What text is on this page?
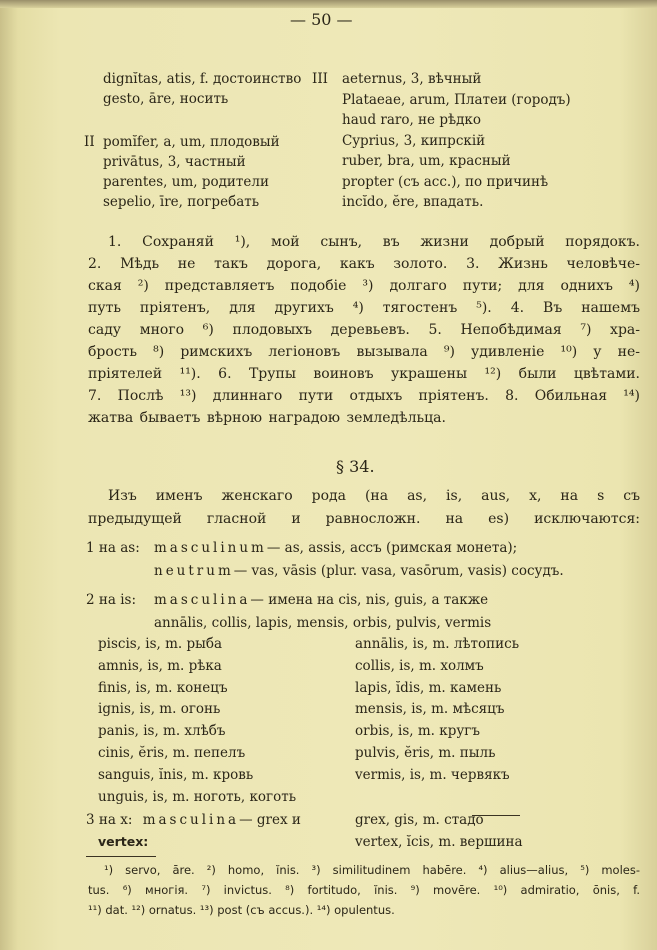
— 50 —
dignĭtas, atis, f. достоинство
gesto, āre, носить
II pomĭfer, a, um, плодовый
privātus, 3, частный
parentes, um, родители
sepelio, īre, погребать
III aeternus, 3, вѣчный
Plataeae, arum, Платеи (городъ)
haud raro, не рѣдко
Cyprius, 3, кипрскій
ruber, bra, um, красный
propter (съ acc.), по причинѣ
incĭdo, ĕre, впадать.
1. Сохраняй ¹), мой сынъ, въ жизни добрый порядокъ.
2. Мѣдь не такъ дорога, какъ золото. 3. Жизнь человѣче-
ская ²) представляетъ подобіе ³) долгаго пути; для однихъ ⁴)
путь пріятенъ, для другихъ ⁴) тягостенъ ⁵). 4. Въ нашемъ
саду много ⁶) плодовыхъ деревьевъ. 5. Непобѣдимая ⁷) хра-
брость ⁸) римскихъ легіоновъ вызывала ⁹) удивленіе ¹⁰) у не-
пріятелей ¹¹). 6. Трупы воиновъ украшены ¹²) были цвѣтами.
7. Послѣ ¹³) длиннаго пути отдыхъ пріятенъ. 8. Обильная ¹⁴)
жатва бываетъ вѣрною наградою земледѣльца.
§ 34.
Изъ именъ женскаго рода (на as, is, aus, x, на s съ
предыдущей гласной и равносложн. на es) исключаются:
1 на as: masculinum— as, assis, ассъ (римская монета);
neutrum— vas, vāsis (plur. vasa, vasōrum, vasis) сосудъ.
2 на is: masculina— имена на cis, nis, guis, а также
annālis, collis, lapis, mensis, orbis, pulvis, vermis
piscis, is, m. рыба
amnis, is, m. рѣка
finis, is, m. конецъ
ignis, is, m. огонь
panis, is, m. хлѣбъ
cinis, ĕris, m. пепелъ
sanguis, ĭnis, m. кровь
unguis, is, m. ноготь, коготь
annālis, is, m. лѣтопись
collis, is, m. холмъ
lapis, ĭdis, m. камень
mensis, is, m. мѣсяцъ
orbis, is, m. кругъ
pulvis, ĕris, m. пыль
vermis, is, m. червякъ
3 на x: masculina— grex и
vertex:
grex, gis, m. стадо
vertex, ĭcis, m. вершина
¹) servo, āre. ²) homo, ĭnis. ³) similitudinem habēre. ⁴) alius—alius, ⁵) moles-
tus. ⁶) многія. ⁷) invictus. ⁸) fortitudo, ĭnis. ⁹) movēre. ¹⁰) admiratio, ōnis, f.
¹¹) dat. ¹²) ornatus. ¹³) post (съ accus.). ¹⁴) opulentus.
